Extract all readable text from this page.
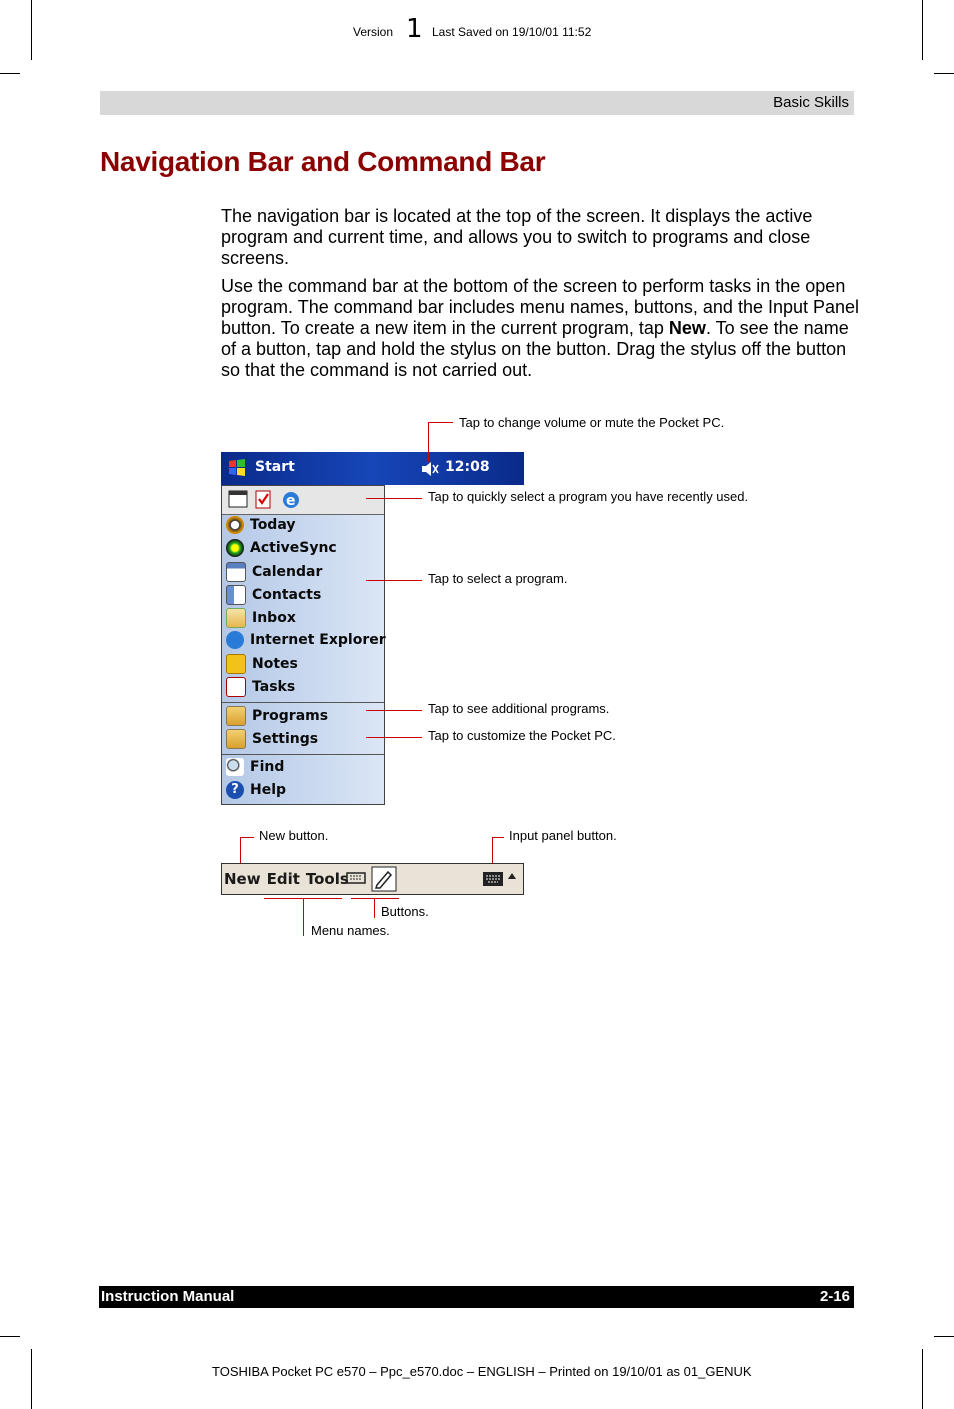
Version 1 Last Saved on 19/10/01 11:52
Basic Skills
Navigation Bar and Command Bar

The navigation bar is located at the top of the screen. It displays the active program and current time, and allows you to switch to programs and close screens.

Use the command bar at the bottom of the screen to perform tasks in the open program. The command bar includes menu names, buttons, and the Input Panel button. To create a new item in the current program, tap New. To see the name of a button, tap and hold the stylus on the button. Drag the stylus off the button so that the command is not carried out.

Start	12:08
e
Today
ActiveSync
Calendar
Contacts
Inbox
Internet Explorer
Notes
Tasks
Programs
Settings
Find
? Help
Tap to change volume or mute the Pocket PC.
Tap to quickly select a program you have recently used.
Tap to select a program.
Tap to see additional programs.
Tap to customize the Pocket PC.
New button.	Input panel button.
New Edit Tools
Buttons.
Menu names.
Instruction Manual	2-16
TOSHIBA Pocket PC e570 – Ppc_e570.doc – ENGLISH – Printed on 19/10/01 as 01_GENUK
